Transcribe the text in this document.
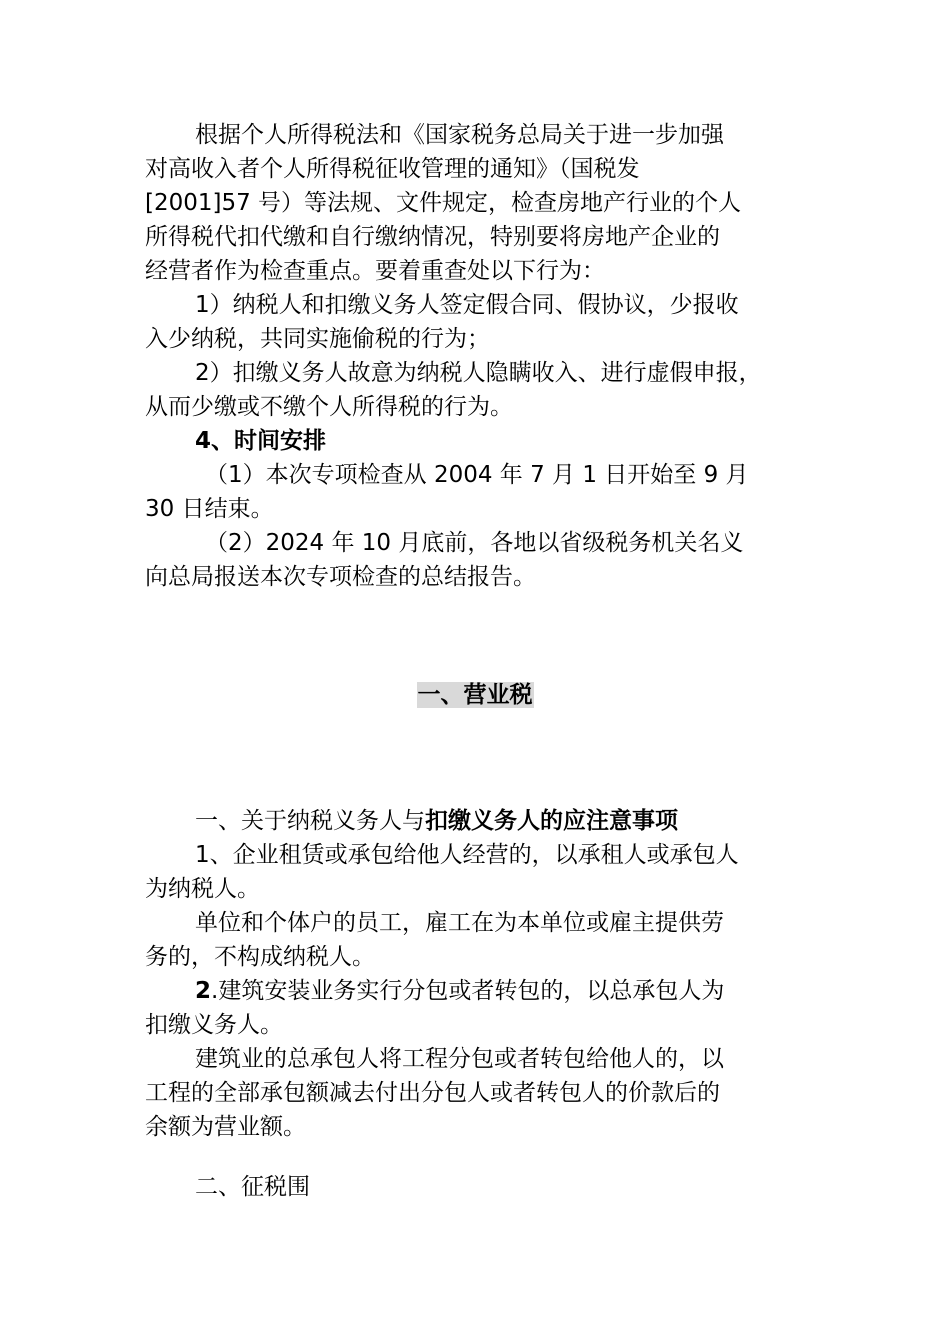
根据个人所得税法和《国家税务总局关于进一步加强
对高收入者个人所得税征收管理的通知》（国税发
[2001]57 号）等法规、文件规定，检查房地产行业的个人
所得税代扣代缴和自行缴纳情况，特别要将房地产企业的
经营者作为检查重点。要着重查处以下行为：
1）纳税人和扣缴义务人签定假合同、假协议，少报收
入少纳税，共同实施偷税的行为；
2）扣缴义务人故意为纳税人隐瞒收入、进行虚假申报，
从而少缴或不缴个人所得税的行为。
4、时间安排
（1）本次专项检查从 2004 年 7 月 1 日开始至 9 月
30 日结束。
（2）2024 年 10 月底前，各地以省级税务机关名义
向总局报送本次专项检查的总结报告。
一、营业税
一、关于纳税义务人与扣缴义务人的应注意事项
1、企业租赁或承包给他人经营的，以承租人或承包人
为纳税人。
单位和个体户的员工，雇工在为本单位或雇主提供劳
务的，不构成纳税人。
2.建筑安装业务实行分包或者转包的，以总承包人为
扣缴义务人。
建筑业的总承包人将工程分包或者转包给他人的，以
工程的全部承包额减去付出分包人或者转包人的价款后的
余额为营业额。
二、征税围
